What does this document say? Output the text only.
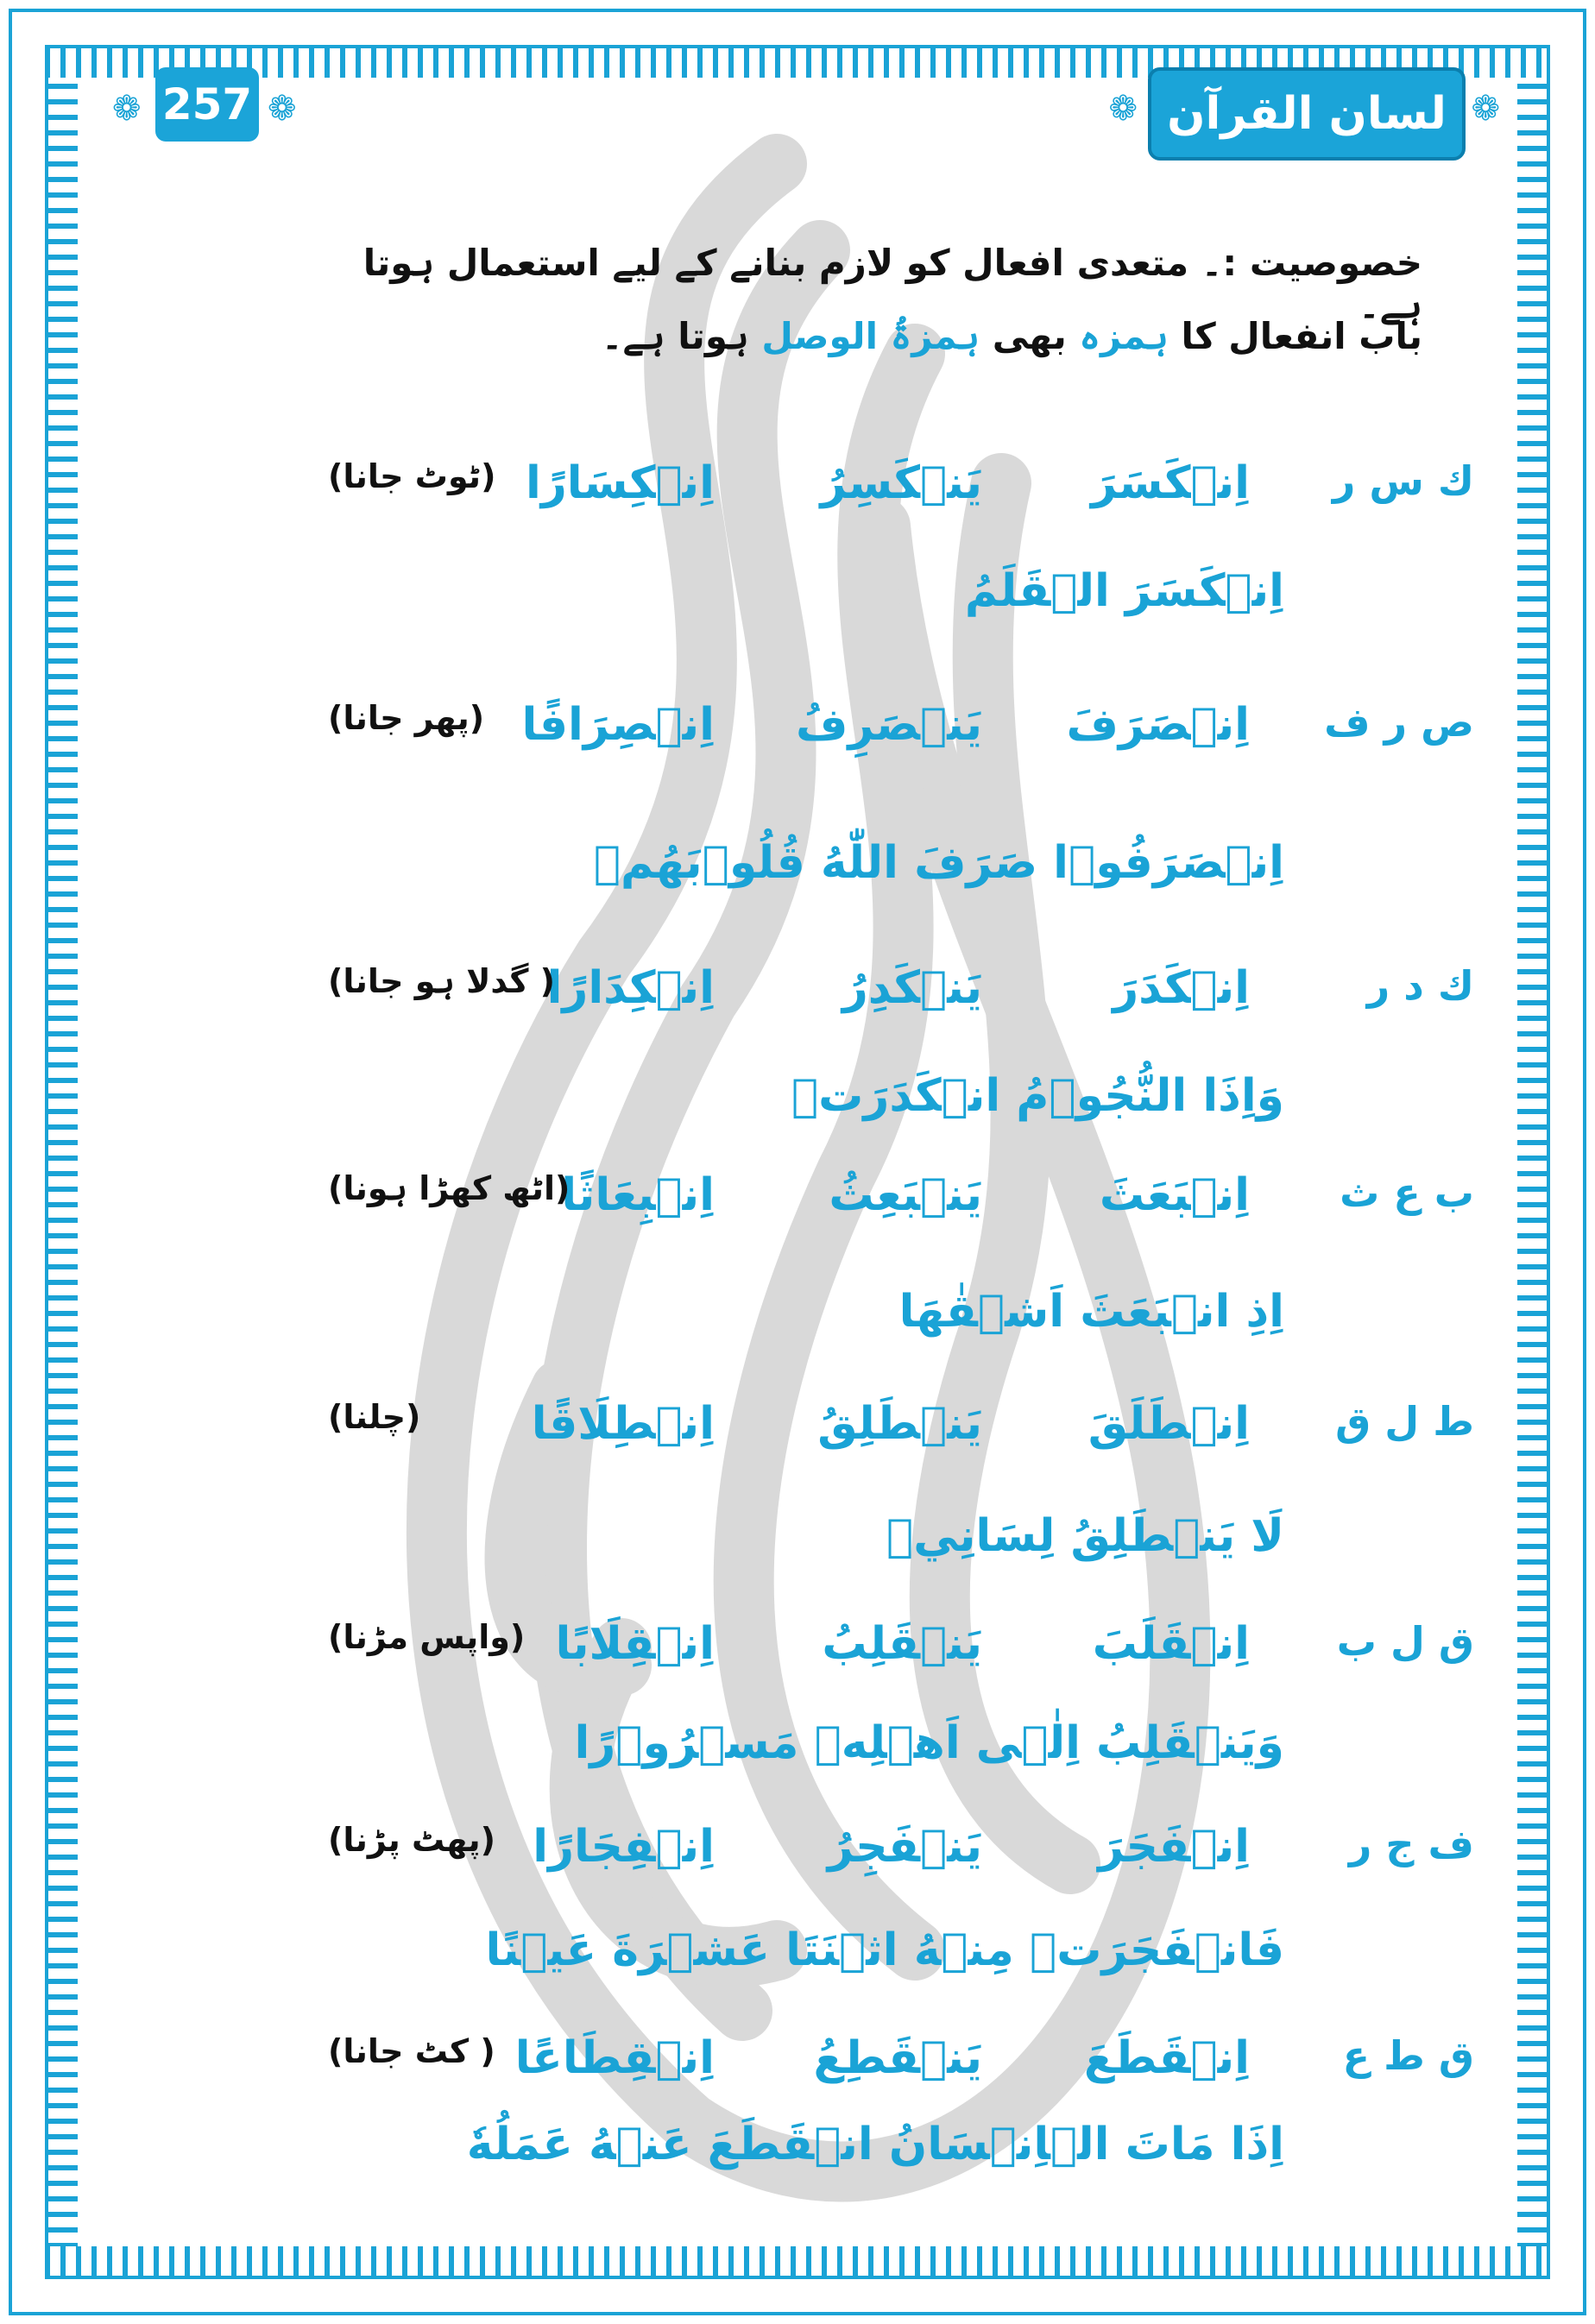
لسان القرآن ❁
❁
257
❁	❁
خصوصیت :۔ متعدی افعال کو لازم بنانے کے لیے استعمال ہوتا ہے۔
باب انفعال کا ہمزہ بھی ہمزۃُ الوصل ہوتا ہے۔
ك س ر
اِنۡكَسَرَ
يَنۡكَسِرُ
اِنۡكِسَارًا
(ٹوٹ جانا)
اِنۡكَسَرَ الۡقَلَمُ
ص ر ف
اِنۡصَرَفَ
يَنۡصَرِفُ
اِنۡصِرَافًا
(پھر جانا)
اِنۡصَرَفُوۡا صَرَفَ اللّٰهُ قُلُوۡبَهُمۡ
ك د ر
اِنۡكَدَرَ
يَنۡكَدِرُ
اِنۡكِدَارًا
( گدلا ہو جانا)
وَاِذَا النُّجُوۡمُ انۡكَدَرَتۡ
ب ع ث
اِنۡبَعَثَ
يَنۡبَعِثُ
اِنۡبِعَاثًا
(اٹھ کھڑا ہونا)
اِذِ انۡبَعَثَ اَشۡقٰهَا
ط ل ق
اِنۡطَلَقَ
يَنۡطَلِقُ
اِنۡطِلَاقًا
(چلنا)
لَا يَنۡطَلِقُ لِسَانِيۡ
ق ل ب
اِنۡقَلَبَ
يَنۡقَلِبُ
اِنۡقِلَابًا
(واپس مڑنا)
وَيَنۡقَلِبُ اِلٰۤى اَهۡلِهٖ مَسۡرُوۡرًا
ف ج ر
اِنۡفَجَرَ
يَنۡفَجِرُ
اِنۡفِجَارًا
(پھٹ پڑنا)
فَانۡفَجَرَتۡ مِنۡهُ اثۡنَتَا عَشۡرَةَ عَيۡنًا
ق ط ع
اِنۡقَطَعَ
يَنۡقَطِعُ
اِنۡقِطَاعًا
( کٹ جانا)
اِذَا مَاتَ الۡاِنۡسَانُ انۡقَطَعَ عَنۡهُ عَمَلُهٗ
